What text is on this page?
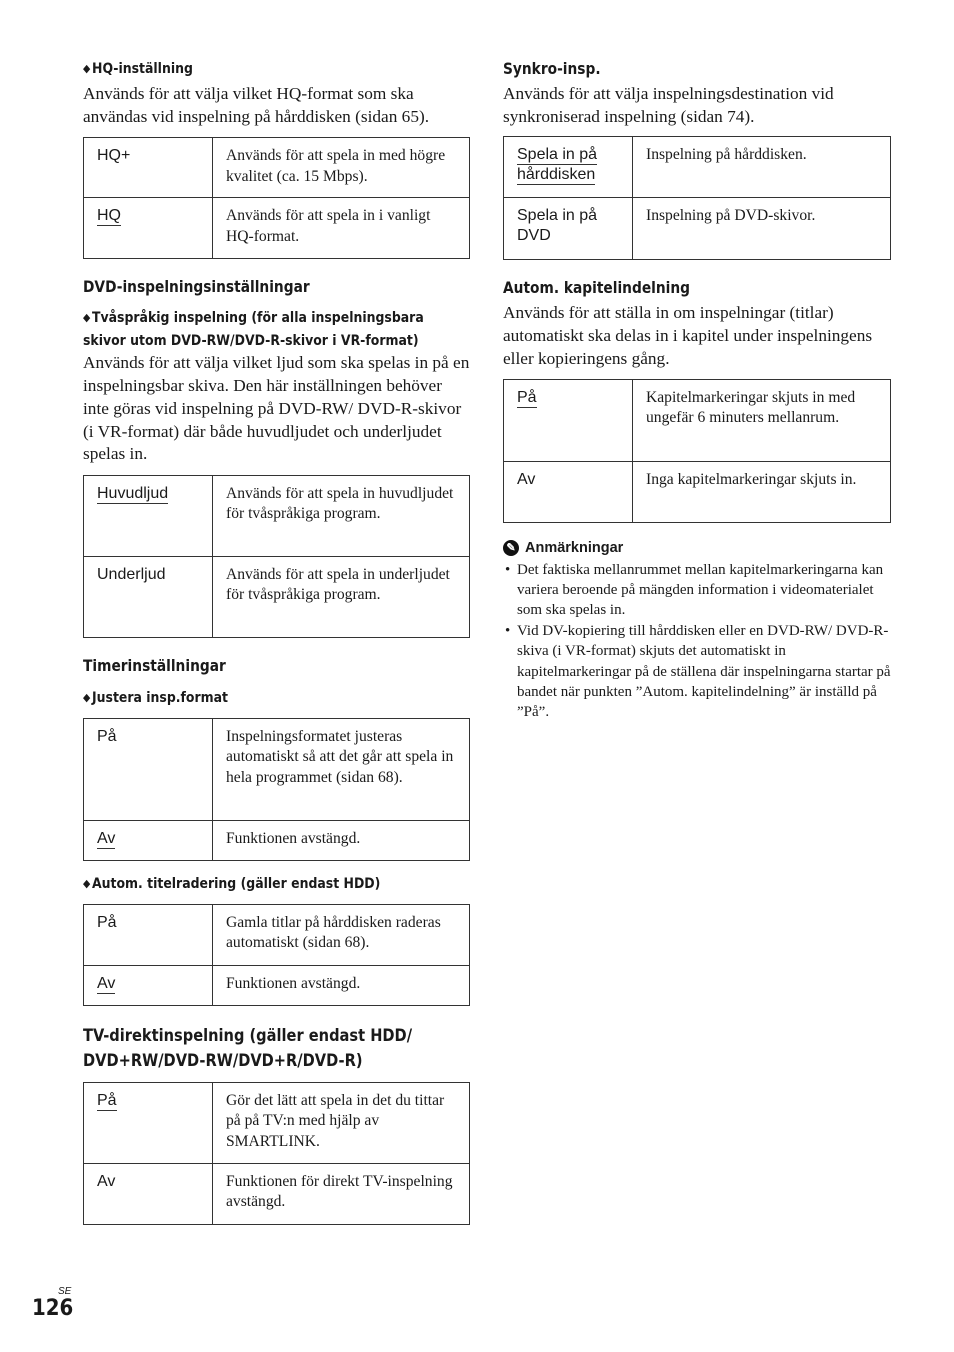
◆ HQ-inställning

Används för att välja vilket HQ-format som ska användas vid inspelning på hårddisken (sidan 65).

HQ+	Används för att spela in med högre kvalitet (ca. 15 Mbps).
HQ	Används för att spela in i vanligt HQ-format.

DVD-inspelningsinställningar

◆ Tvåspråkig inspelning (för alla inspelningsbara

skivor utom DVD-RW/DVD-R-skivor i VR-format)

Används för att välja vilket ljud som ska spelas in på en inspelningsbar skiva. Den här inställningen behöver inte göras vid inspelning på DVD-RW/ DVD-R-skivor (i VR-format) där både huvudljudet och underljudet spelas in.

Huvudljud	Används för att spela in huvudljudet för tvåspråkiga program.
Underljud	Används för att spela in underljudet för tvåspråkiga program.

Timerinställningar

◆ Justera insp.format

På	Inspelningsformatet justeras automatiskt så att det går att spela in hela programmet (sidan 68).
Av	Funktionen avstängd.

◆ Autom. titelradering (gäller endast HDD)

På	Gamla titlar på hårddisken raderas automatiskt (sidan 68).
Av	Funktionen avstängd.

TV-direktinspelning (gäller endast HDD/

DVD+RW/DVD-RW/DVD+R/DVD-R)

På	Gör det lätt att spela in det du tittar på på TV:n med hjälp av SMARTLINK.
Av	Funktionen för direkt TV-inspelning avstängd.

Synkro-insp.

Används för att välja inspelningsdestination vid synkroniserad inspelning (sidan 74).

Spela in på hårddisken	Inspelning på hårddisken.
Spela in på DVD	Inspelning på DVD-skivor.

Autom. kapitelindelning

Används för att ställa in om inspelningar (titlar) automatiskt ska delas in i kapitel under inspelningens eller kopieringens gång.

På	Kapitelmarkeringar skjuts in med ungefär 6 minuters mellanrum.
Av	Inga kapitelmarkeringar skjuts in.

✎ Anmärkningar

• Det faktiska mellanrummet mellan kapitelmarkeringarna kan variera beroende på mängden information i videomaterialet som ska spelas in.
• Vid DV-kopiering till hårddisken eller en DVD-RW/ DVD-R-skiva (i VR-format) skjuts det automatiskt in kapitelmarkeringar på de ställena där inspelningarna startar på bandet när punkten ”Autom. kapitelindelning” är inställd på ”På”.
SE
126
